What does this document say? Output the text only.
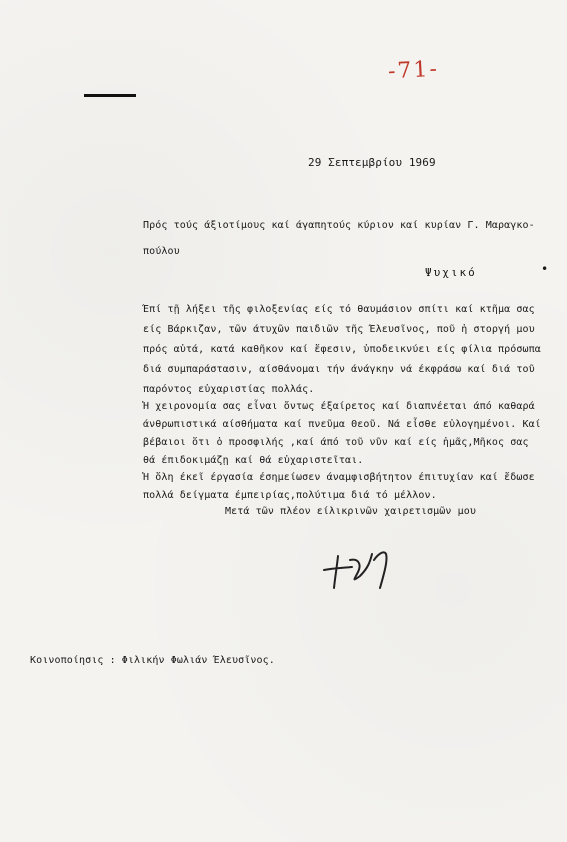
-71-
29 Σεπτεμβρίου 1969
Πρός τούς άξιοτίμους καί άγαπητούς κύριον καί κυρίαν Γ. Μαραγκο-
πούλου
Ψυχικό	•
Έπί τῇ λήξει τῆς φιλοξενίας είς τό θαυμάσιον σπίτι καί κτῆμα σας
είς Βάρκιζαν, τῶν άτυχῶν παιδιῶν τῆς Έλευσῖνος, ποῦ ἡ στοργή μου
πρός αὐτά, κατά καθῆκον καί ἔφεσιν, ὑποδεικνύει είς φίλια πρόσωπα
διά συμπαράστασιν, αίσθάνομαι τήν άνάγκην νά έκφράσω καί διά τοῦ
παρόντος εὐχαριστίας πολλάς.
Ἡ χειρονομία σας εἶναι ὄντως έξαίρετος καί διαπνέεται άπό καθαρά
άνθρωπιστικά αίσθήματα καί πνεῦμα Θεοῦ. Νά εἶσθε εὐλογημένοι. Καί
βέβαιοι ὅτι ὁ προσφιλής ,καί άπό τοῦ νῦν καί είς ἡμᾶς,Μῆκος σας
θά έπιδοκιμάζῃ καί θά εὐχαριστεῖται.
Ἡ ὅλη έκεῖ έργασία έσημείωσεν άναμφισβήτητον έπιτυχίαν καί ἔδωσε
πολλά δείγματα έμπειρίας,πολύτιμα διά τό μέλλον.
Μετά τῶν πλέον είλικρινῶν χαιρετισμῶν μου
Κοινοποίησις : Φιλικήν Φωλιάν Έλευσῖνος.
